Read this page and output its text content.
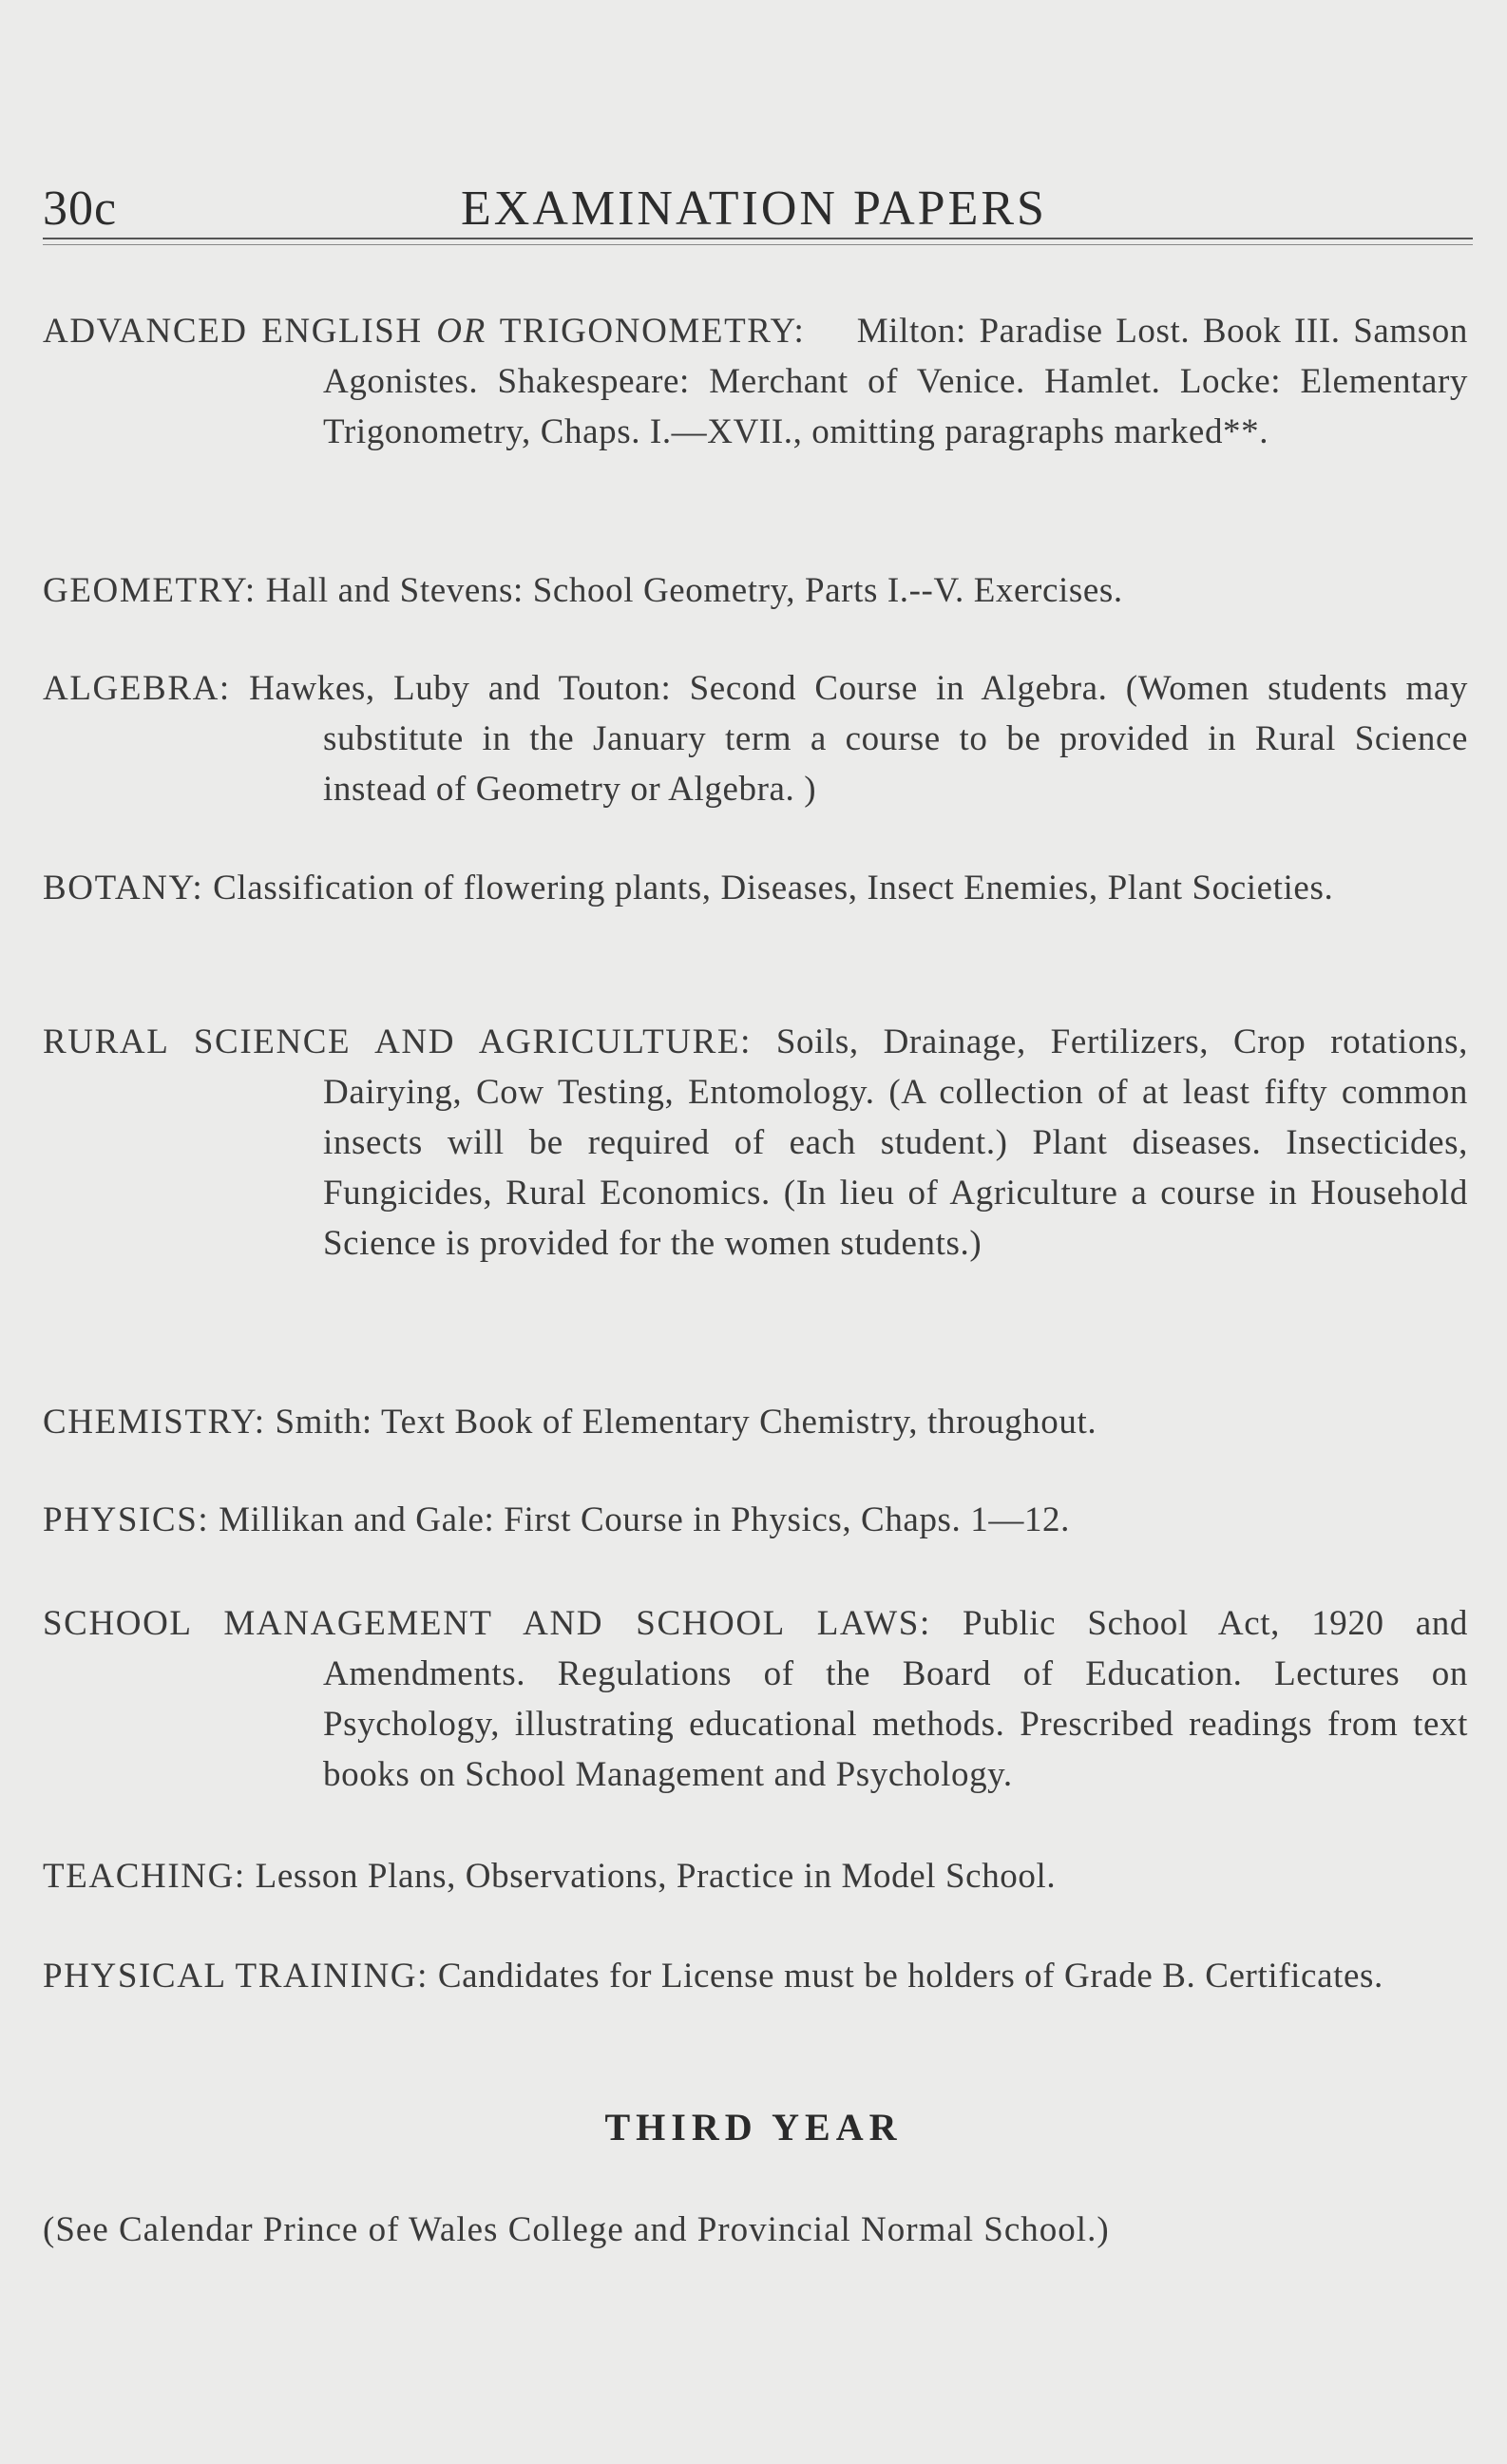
30c	EXAMINATION PAPERS

ADVANCED ENGLISH OR TRIGONOMETRY: Milton: Paradise Lost. Book III. Samson Agonistes. Shakespeare: Merchant of Venice. Hamlet. Locke: Elementary Trigonometry, Chaps. I.—XVII., omitting paragraphs marked**.

GEOMETRY: Hall and Stevens: School Geometry, Parts I.--V. Exercises.

ALGEBRA: Hawkes, Luby and Touton: Second Course in Algebra. (Women students may substitute in the January term a course to be provided in Rural Science instead of Geometry or Algebra. )

BOTANY: Classification of flowering plants, Diseases, Insect Enemies, Plant Societies.

RURAL SCIENCE AND AGRICULTURE: Soils, Drainage, Fertilizers, Crop rotations, Dairying, Cow Testing, Entomology. (A collection of at least fifty common insects will be required of each student.) Plant diseases. Insecticides, Fungicides, Rural Economics. (In lieu of Agriculture a course in Household Science is provided for the women students.)

CHEMISTRY: Smith: Text Book of Elementary Chemistry, throughout.

PHYSICS: Millikan and Gale: First Course in Physics, Chaps. 1—12.

SCHOOL MANAGEMENT AND SCHOOL LAWS: Public School Act, 1920 and Amendments. Regulations of the Board of Education. Lectures on Psychology, illustrating educational methods. Prescribed readings from text books on School Management and Psychology.

TEACHING: Lesson Plans, Observations, Practice in Model School.

PHYSICAL TRAINING: Candidates for License must be holders of Grade B. Certificates.

THIRD YEAR
(See Calendar Prince of Wales College and Provincial Normal School.)
